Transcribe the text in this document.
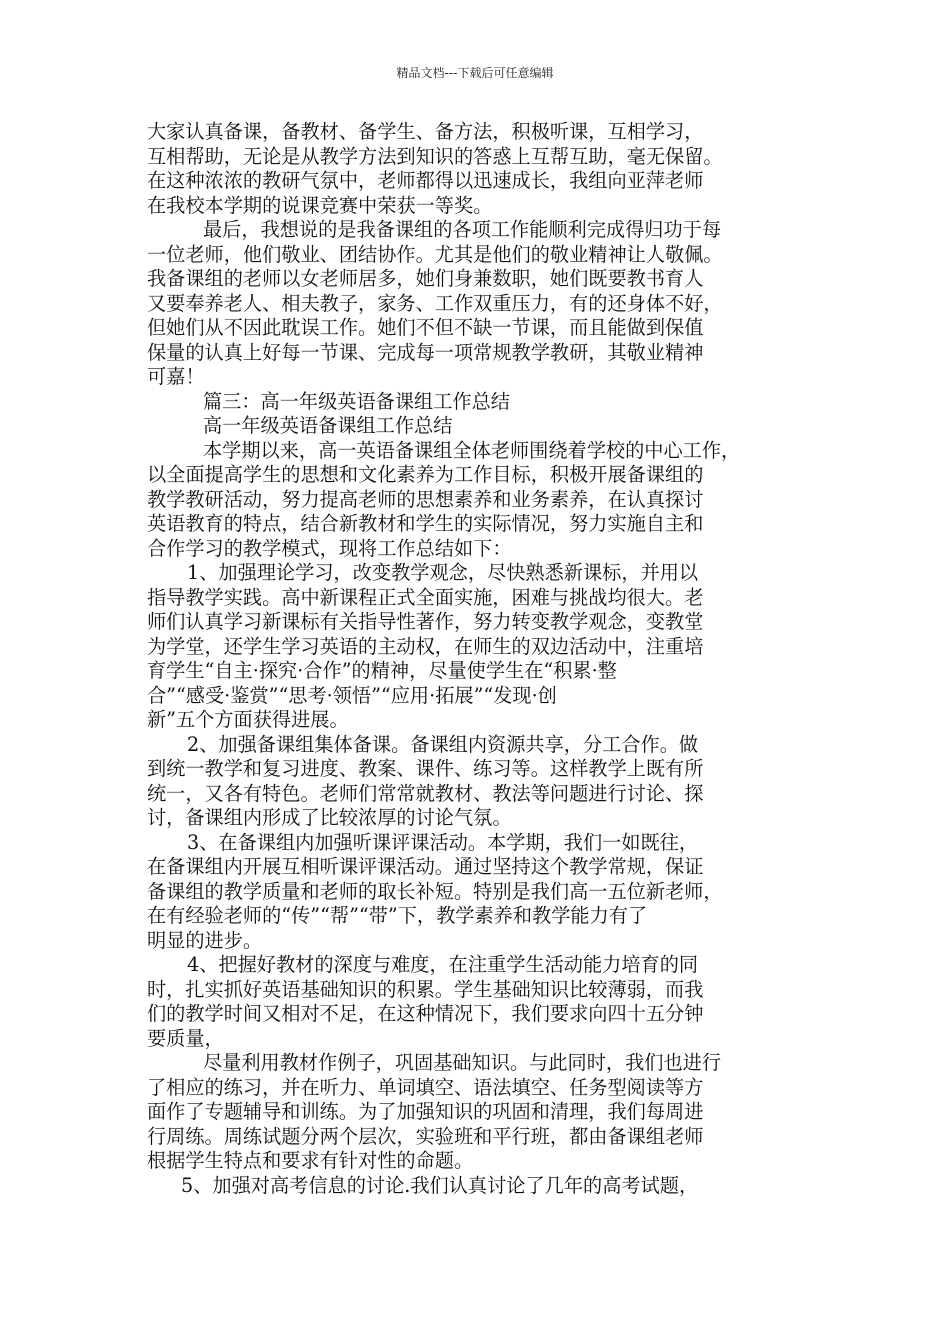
精品文档---下载后可任意编辑

大家认真备课，备教材、备学生、备方法，积极听课，互相学习，
互相帮助，无论是从教学方法到知识的答惑上互帮互助，毫无保留。
在这种浓浓的教研气氛中，老师都得以迅速成长，我组向亚萍老师
在我校本学期的说课竞赛中荣获一等奖。

最后，我想说的是我备课组的各项工作能顺利完成得归功于每
一位老师，他们敬业、团结协作。尤其是他们的敬业精神让人敬佩。
我备课组的老师以女老师居多，她们身兼数职，她们既要教书育人
又要奉养老人、相夫教子，家务、工作双重压力，有的还身体不好，
但她们从不因此耽误工作。她们不但不缺一节课，而且能做到保值
保量的认真上好每一节课、完成每一项常规教学教研，其敬业精神
可嘉！

篇三：高一年级英语备课组工作总结

高一年级英语备课组工作总结

本学期以来，高一英语备课组全体老师围绕着学校的中心工作，
以全面提高学生的思想和文化素养为工作目标，积极开展备课组的
教学教研活动，努力提高老师的思想素养和业务素养，在认真探讨
英语教育的特点，结合新教材和学生的实际情况，努力实施自主和
合作学习的教学模式，现将工作总结如下：

1、加强理论学习，改变教学观念，尽快熟悉新课标，并用以
指导教学实践。高中新课程正式全面实施，困难与挑战均很大。老
师们认真学习新课标有关指导性著作，努力转变教学观念，变教堂
为学堂，还学生学习英语的主动权，在师生的双边活动中，注重培
育学生“自主·探究·合作”的精神，尽量使学生在“积累·整
合”“感受·鉴赏”“思考·领悟”“应用·拓展”“发现·创
新”五个方面获得进展。

2、加强备课组集体备课。备课组内资源共享，分工合作。做
到统一教学和复习进度、教案、课件、练习等。这样教学上既有所
统一，又各有特色。老师们常常就教材、教法等问题进行讨论、探
讨，备课组内形成了比较浓厚的讨论气氛。

3、在备课组内加强听课评课活动。本学期，我们一如既往，
在备课组内开展互相听课评课活动。通过坚持这个教学常规，保证
备课组的教学质量和老师的取长补短。特别是我们高一五位新老师，
在有经验老师的“传”“帮”“带”下，教学素养和教学能力有了
明显的进步。

4、把握好教材的深度与难度，在注重学生活动能力培育的同
时，扎实抓好英语基础知识的积累。学生基础知识比较薄弱，而我
们的教学时间又相对不足，在这种情况下，我们要求向四十五分钟
要质量，

尽量利用教材作例子，巩固基础知识。与此同时，我们也进行
了相应的练习，并在听力、单词填空、语法填空、任务型阅读等方
面作了专题辅导和训练。为了加强知识的巩固和清理，我们每周进
行周练。周练试题分两个层次，实验班和平行班，都由备课组老师
根据学生特点和要求有针对性的命题。

5、加强对高考信息的讨论.我们认真讨论了几年的高考试题，
